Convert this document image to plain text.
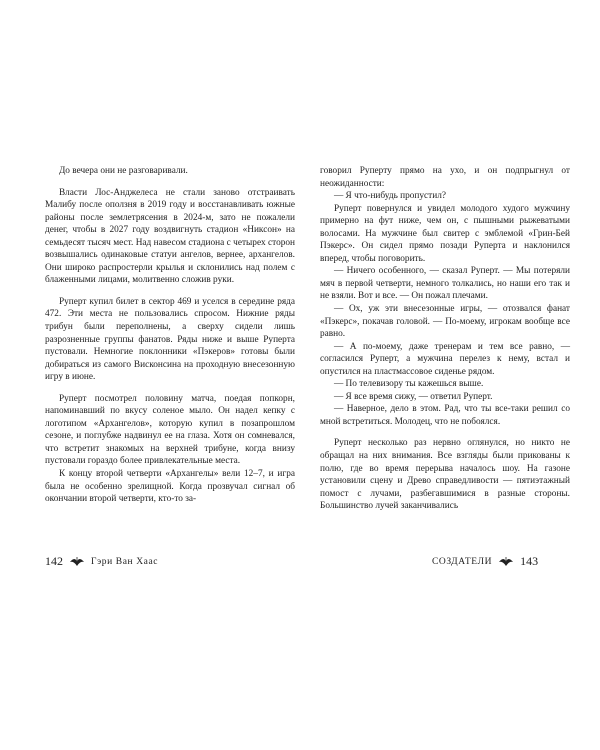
До вечера они не разговаривали.

Власти Лос-Анджелеса не стали заново отстраивать Малибу после оползня в 2019 году и восстанавливать южные районы после землетрясения в 2024-м, зато не пожалели денег, чтобы в 2027 году воздвигнуть стадион «Никсон» на семьдесят тысяч мест. Над навесом стадиона с четырех сторон возвышались одинаковые статуи ангелов, вернее, архангелов. Они широко распростерли крылья и склонились над полем с блаженными лицами, молитвенно сложив руки.

Руперт купил билет в сектор 469 и уселся в середине ряда 472. Эти места не пользовались спросом. Нижние ряды трибун были переполнены, а сверху сидели лишь разрозненные группы фанатов. Ряды ниже и выше Руперта пустовали. Немногие поклонники «Пэкеров» готовы были добираться из самого Висконсина на проходную внесезонную игру в июне.

Руперт посмотрел половину матча, поедая попкорн, напоминавший по вкусу соленое мыло. Он надел кепку с логотипом «Архангелов», которую купил в позапрошлом сезоне, и поглубже надвинул ее на глаза. Хотя он сомневался, что встретит знакомых на верхней трибуне, когда внизу пустовали гораздо более привлекательные места.

К концу второй четверти «Архангелы» вели 12–7, и игра была не особенно зрелищной. Когда прозвучал сигнал об окончании второй четверти, кто-то за-

говорил Руперту прямо на ухо, и он подпрыгнул от неожиданности:

— Я что-нибудь пропустил?

Руперт повернулся и увидел молодого худого мужчину примерно на фут ниже, чем он, с пышными рыжеватыми волосами. На мужчине был свитер с эмблемой «Грин-Бей Пэкерс». Он сидел прямо позади Руперта и наклонился вперед, чтобы поговорить.

— Ничего особенного, — сказал Руперт. — Мы потеряли мяч в первой четверти, немного толкались, но наши его так и не взяли. Вот и все. — Он пожал плечами.

— Ох, уж эти внесезонные игры, — отозвался фанат «Пэкерс», покачав головой. — По-моему, игрокам вообще все равно.

— А по-моему, даже тренерам и тем все равно, — согласился Руперт, а мужчина перелез к нему, встал и опустился на пластмассовое сиденье рядом.

— По телевизору ты кажешься выше.

— Я все время сижу, — ответил Руперт.

— Наверное, дело в этом. Рад, что ты все-таки решил со мной встретиться. Молодец, что не побоялся.

Руперт несколько раз нервно оглянулся, но никто не обращал на них внимания. Все взгляды были прикованы к полю, где во время перерыва началось шоу. На газоне установили сцену и Древо справедливости — пятиэтажный помост с лучами, разбегавшимися в разные стороны. Большинство лучей заканчивались

142	Гэри Ван Хаас	СОЗДАТЕЛИ 143
